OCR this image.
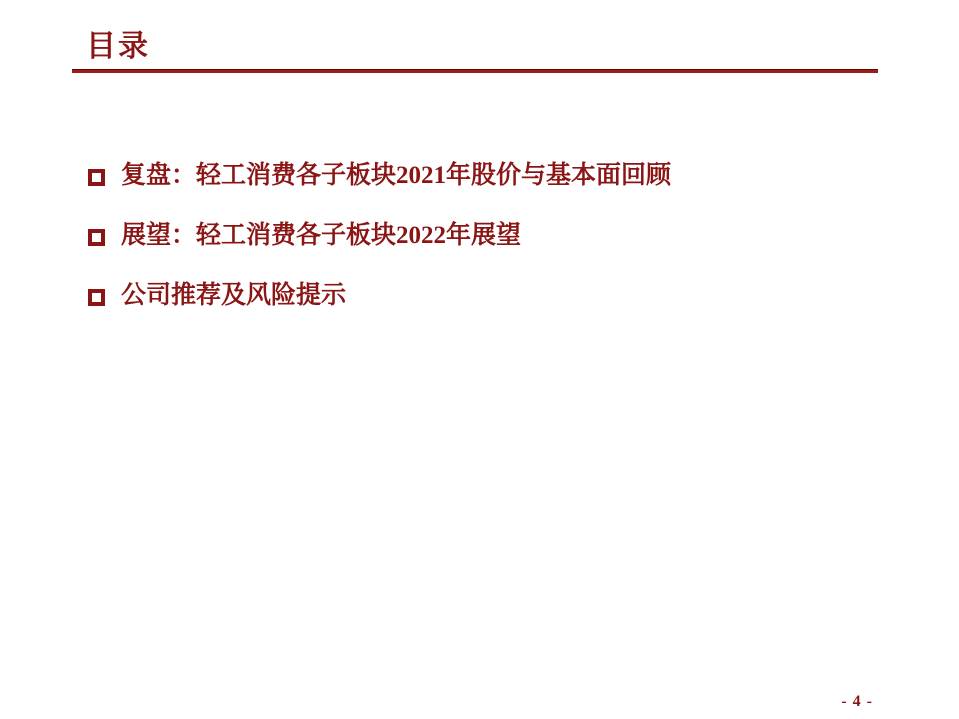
目录
复盘：轻工消费各子板块2021年股价与基本面回顾
展望：轻工消费各子板块2022年展望
公司推荐及风险提示
- 4 -
